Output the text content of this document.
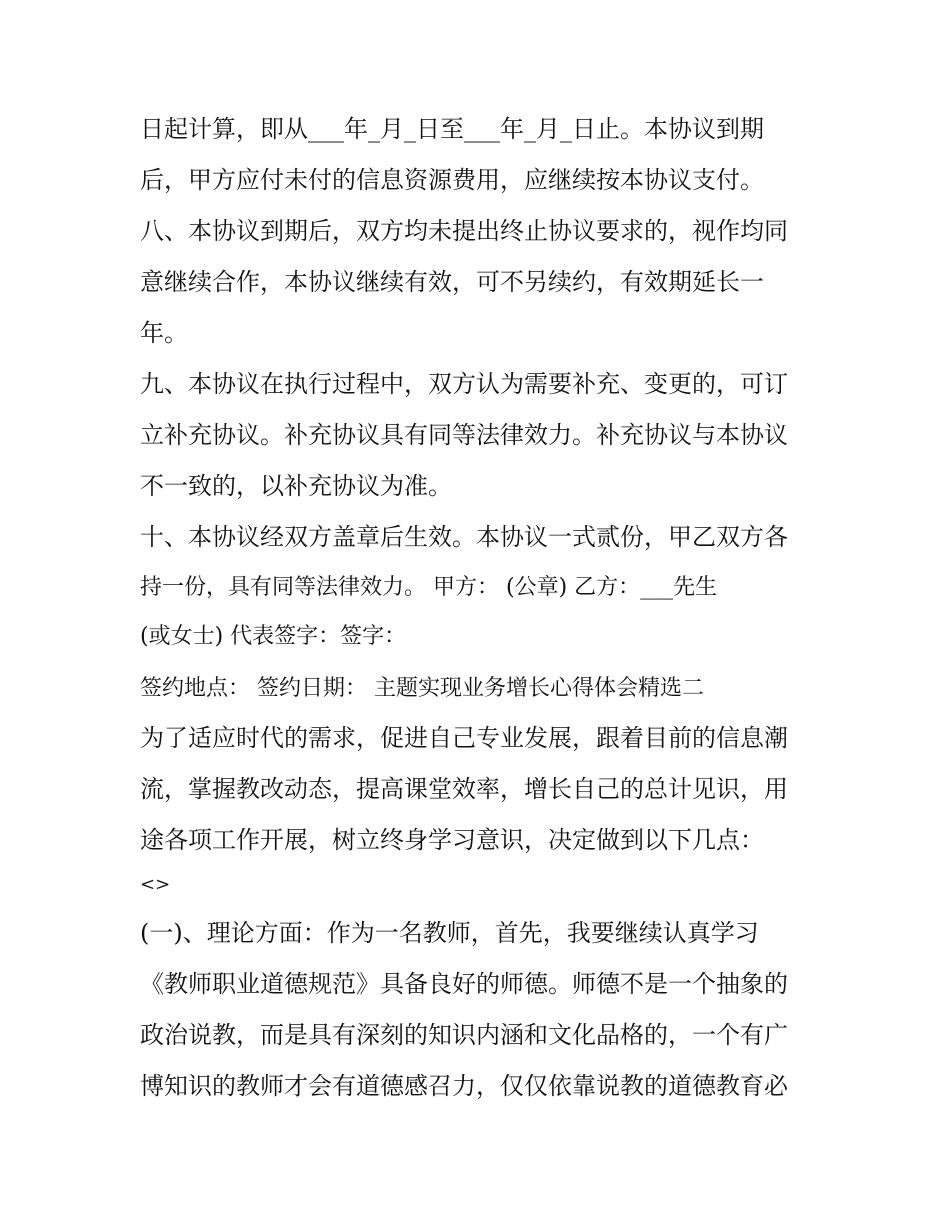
日起计算，即从___年_月_日至___年_月_日止。本协议到期

后，甲方应付未付的信息资源费用，应继续按本协议支付。

八、本协议到期后，双方均未提出终止协议要求的，视作均同

意继续合作，本协议继续有效，可不另续约，有效期延长一

年。

九、本协议在执行过程中，双方认为需要补充、变更的，可订

立补充协议。补充协议具有同等法律效力。补充协议与本协议

不一致的，以补充协议为准。

十、本协议经双方盖章后生效。本协议一式贰份，甲乙双方各

持一份，具有同等法律效力。 甲方： (公章) 乙方：___先生

(或女士) 代表签字：签字：

签约地点： 签约日期： 主题实现业务增长心得体会精选二

为了适应时代的需求，促进自己专业发展，跟着目前的信息潮

流，掌握教改动态，提高课堂效率，增长自己的总计见识，用

途各项工作开展，树立终身学习意识，决定做到以下几点：

<>

(一)、理论方面：作为一名教师，首先，我要继续认真学习

《教师职业道德规范》具备良好的师德。师德不是一个抽象的

政治说教，而是具有深刻的知识内涵和文化品格的，一个有广

博知识的教师才会有道德感召力，仅仅依靠说教的道德教育必
